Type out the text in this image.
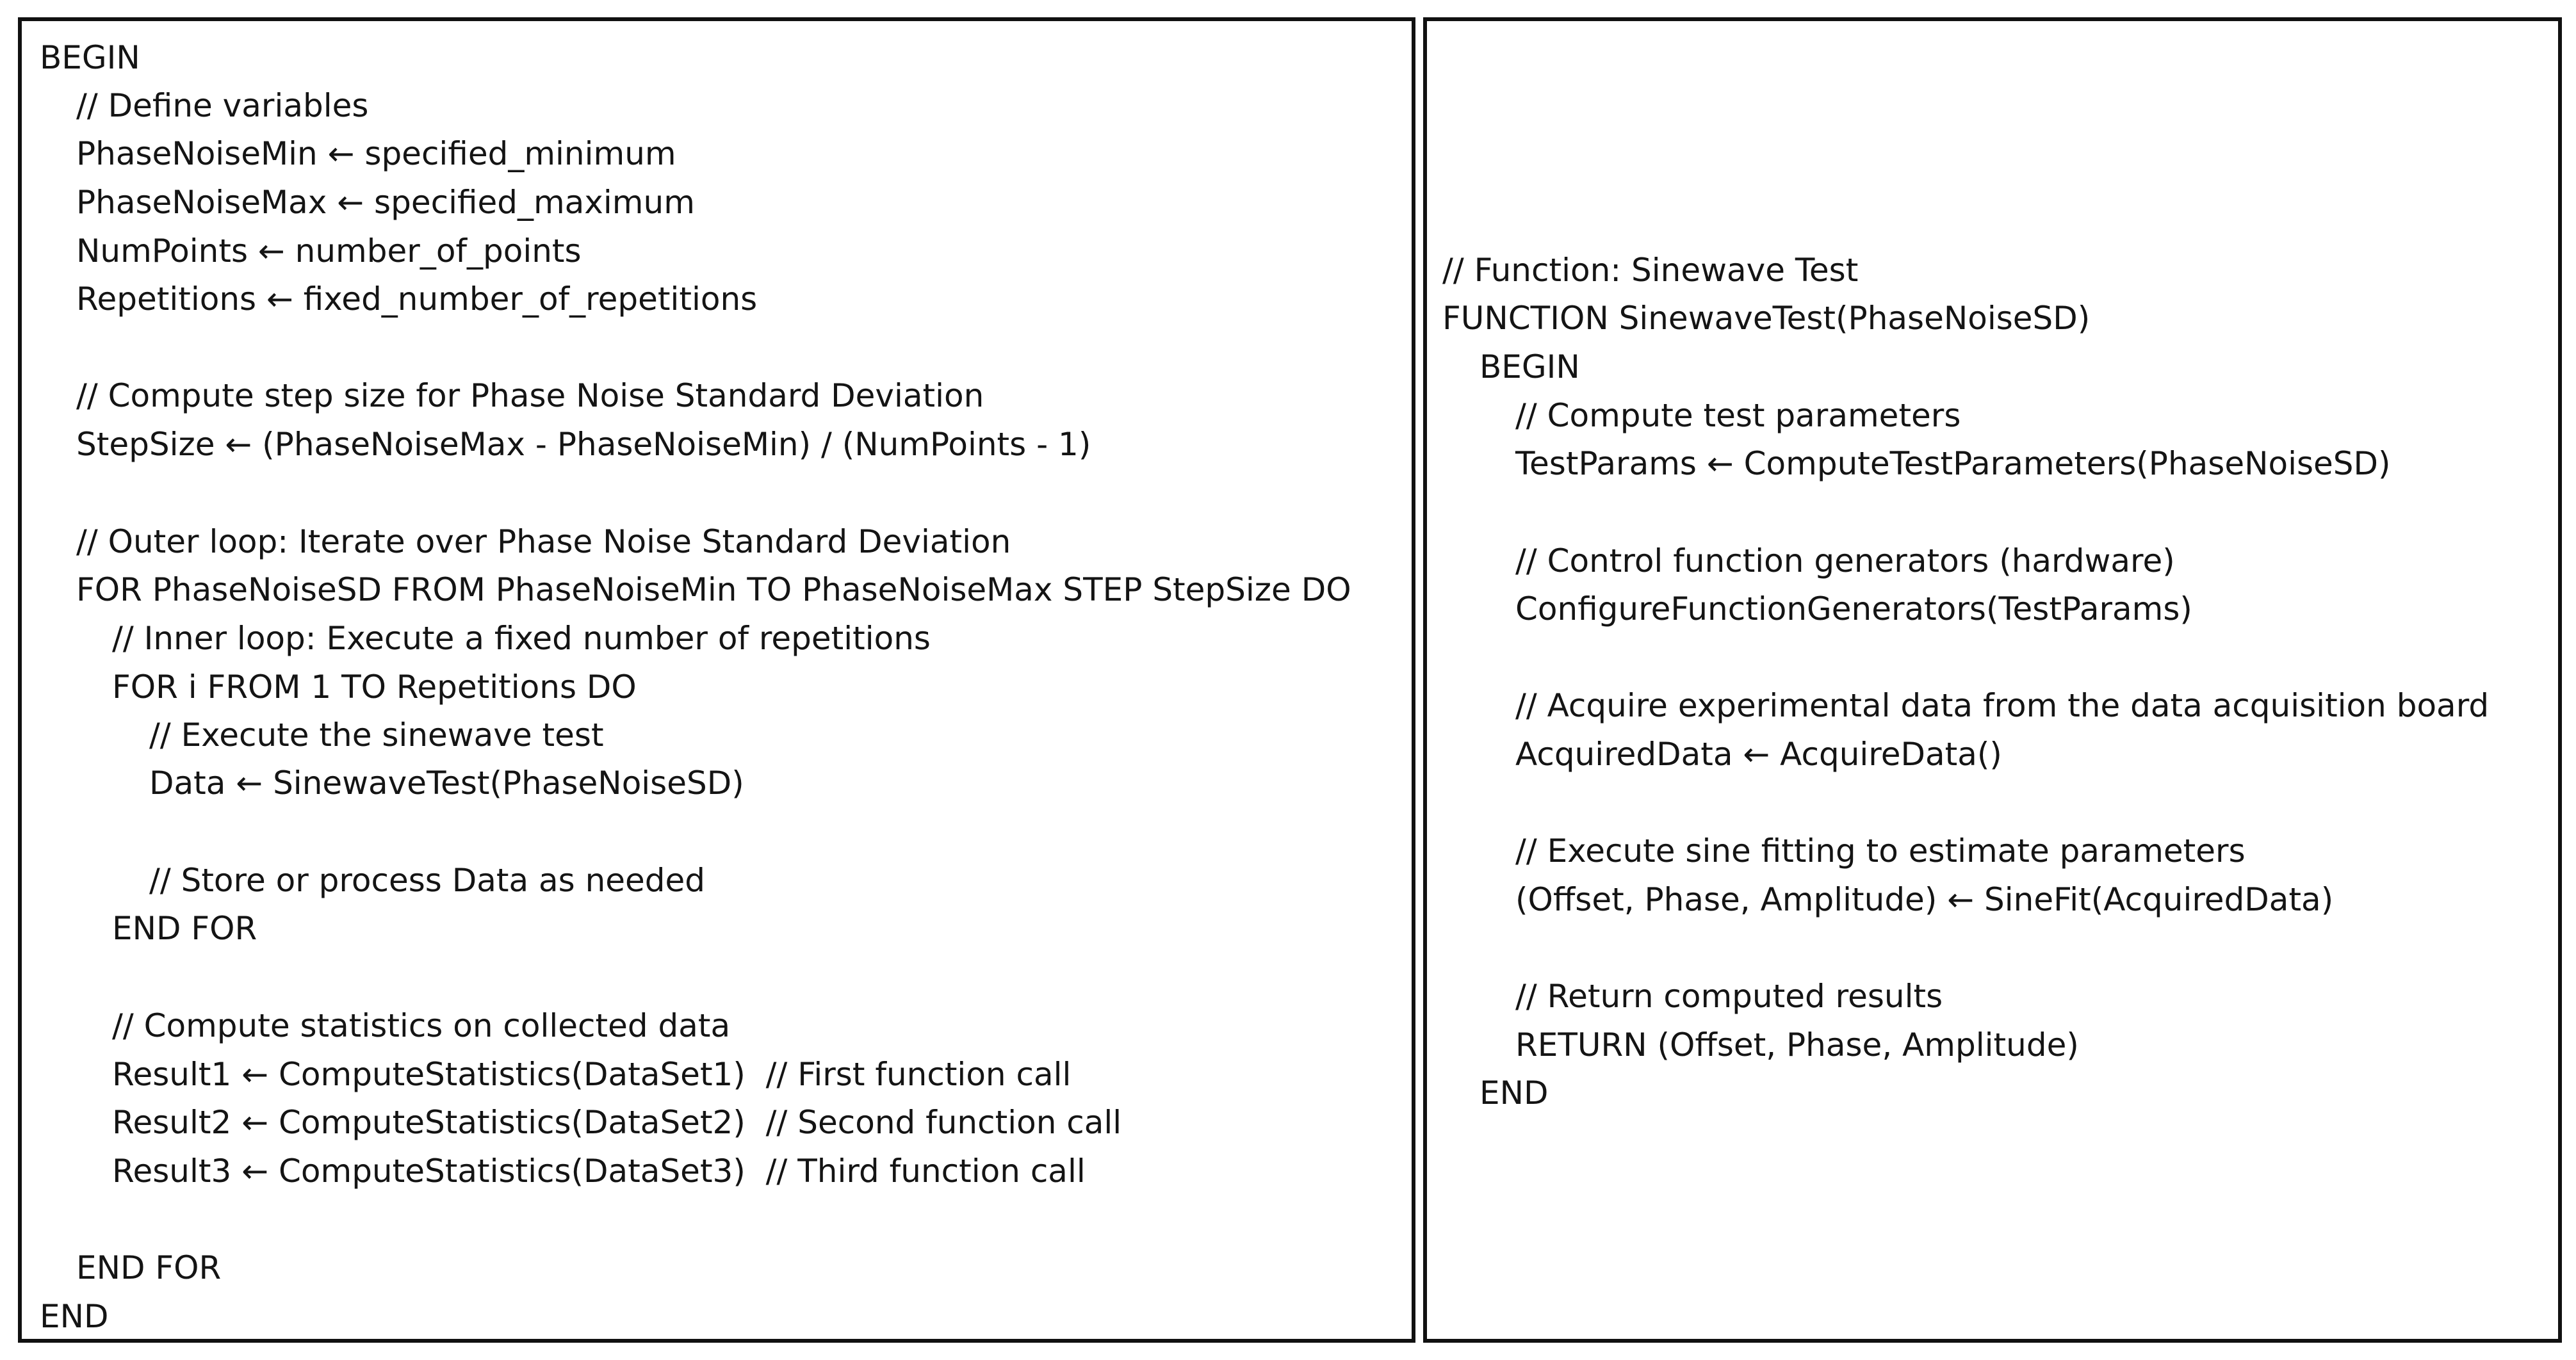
BEGIN
// Define variables
PhaseNoiseMin ← specified_minimum
PhaseNoiseMax ← specified_maximum
NumPoints ← number_of_points
Repetitions ← fixed_number_of_repetitions
// Compute step size for Phase Noise Standard Deviation
StepSize ← (PhaseNoiseMax - PhaseNoiseMin) / (NumPoints - 1)
// Outer loop: Iterate over Phase Noise Standard Deviation
FOR PhaseNoiseSD FROM PhaseNoiseMin TO PhaseNoiseMax STEP StepSize DO
// Inner loop: Execute a fixed number of repetitions
FOR i FROM 1 TO Repetitions DO
// Execute the sinewave test
Data ← SinewaveTest(PhaseNoiseSD)
// Store or process Data as needed
END FOR
// Compute statistics on collected data
Result1 ← ComputeStatistics(DataSet1)  // First function call
Result2 ← ComputeStatistics(DataSet2)  // Second function call
Result3 ← ComputeStatistics(DataSet3)  // Third function call
END FOR
END
// Function: Sinewave Test
FUNCTION SinewaveTest(PhaseNoiseSD)
BEGIN
// Compute test parameters
TestParams ← ComputeTestParameters(PhaseNoiseSD)
// Control function generators (hardware)
ConfigureFunctionGenerators(TestParams)
// Acquire experimental data from the data acquisition board
AcquiredData ← AcquireData()
// Execute sine fitting to estimate parameters
(Offset, Phase, Amplitude) ← SineFit(AcquiredData)
// Return computed results
RETURN (Offset, Phase, Amplitude)
END
